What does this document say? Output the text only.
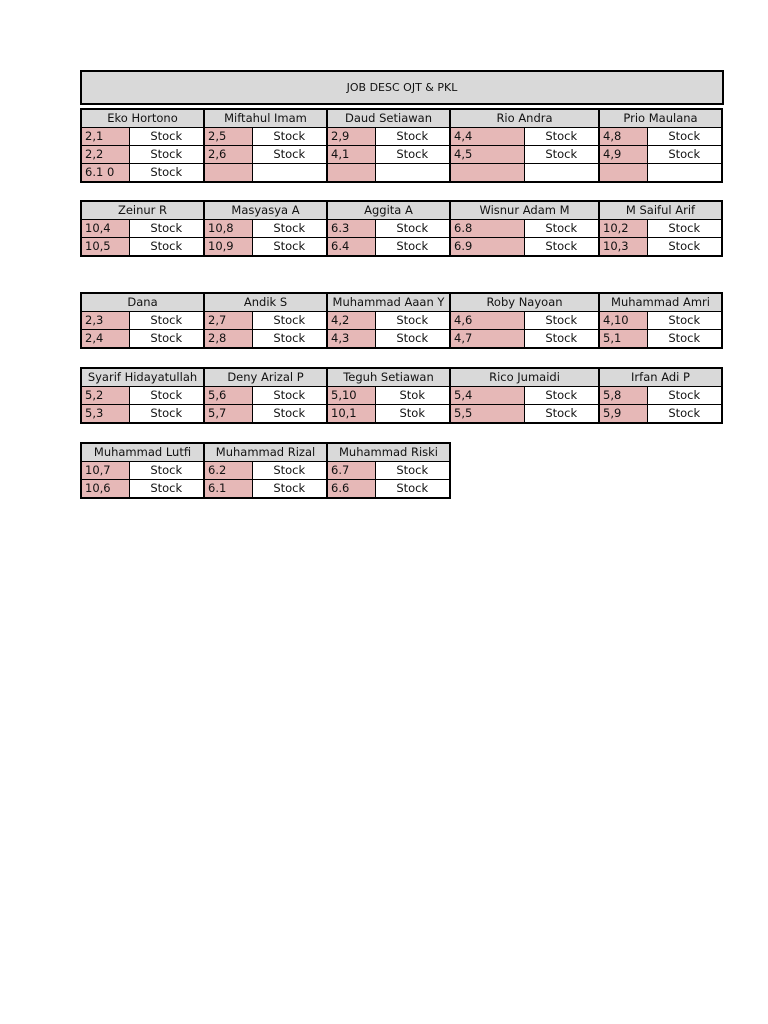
JOB DESC OJT & PKL
Eko Hortono		Miftahul Imam		Daud Setiawan		Rio Andra		Prio Maulana	
2,1	Stock	2,5	Stock	2,9	Stock	4,4	Stock	4,8	Stock
2,2	Stock	2,6	Stock	4,1	Stock	4,5	Stock	4,9	Stock
6.1 0	Stock								
Zeinur R		Masyasya A		Aggita A		Wisnur Adam M		M Saiful Arif	
10,4	Stock	10,8	Stock	6.3	Stock	6.8	Stock	10,2	Stock
10,5	Stock	10,9	Stock	6.4	Stock	6.9	Stock	10,3	Stock
Dana		Andik S		Muhammad Aaan Y		Roby Nayoan		Muhammad Amri	
2,3	Stock	2,7	Stock	4,2	Stock	4,6	Stock	4,10	Stock
2,4	Stock	2,8	Stock	4,3	Stock	4,7	Stock	5,1	Stock
Syarif Hidayatullah		Deny Arizal P		Teguh Setiawan		Rico Jumaidi		Irfan Adi P	
5,2	Stock	5,6	Stock	5,10	Stok	5,4	Stock	5,8	Stock
5,3	Stock	5,7	Stock	10,1	Stok	5,5	Stock	5,9	Stock
Muhammad Lutfi		Muhammad Rizal		Muhammad Riski	
10,7	Stock	6.2	Stock	6.7	Stock
10,6	Stock	6.1	Stock	6.6	Stock
